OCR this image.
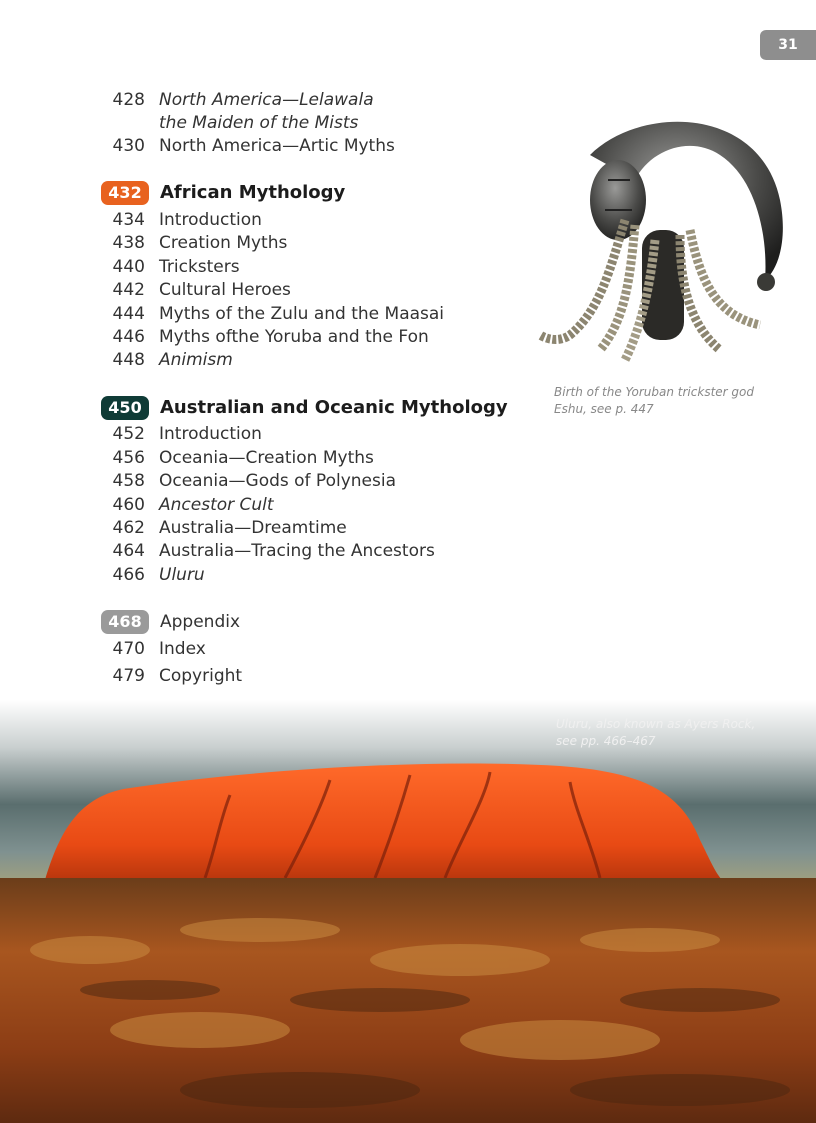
31
428 North America—Lelawala
the Maiden of the Mists
430 North America—Artic Myths
432	African Mythology
434 Introduction
438 Creation Myths
440 Tricksters
442 Cultural Heroes
444 Myths of the Zulu and the Maasai
446 Myths ofthe Yoruba and the Fon
448 Animism
450	Australian and Oceanic Mythology
452 Introduction
456 Oceania—Creation Myths
458 Oceania—Gods of Polynesia
460 Ancestor Cult
462 Australia—Dreamtime
464 Australia—Tracing the Ancestors
466 Uluru
468	Appendix
470 Index
479 Copyright
Birth of the Yoruban trickster god
Eshu, see p. 447
Uluru, also known as Ayers Rock,
see pp. 466–467
